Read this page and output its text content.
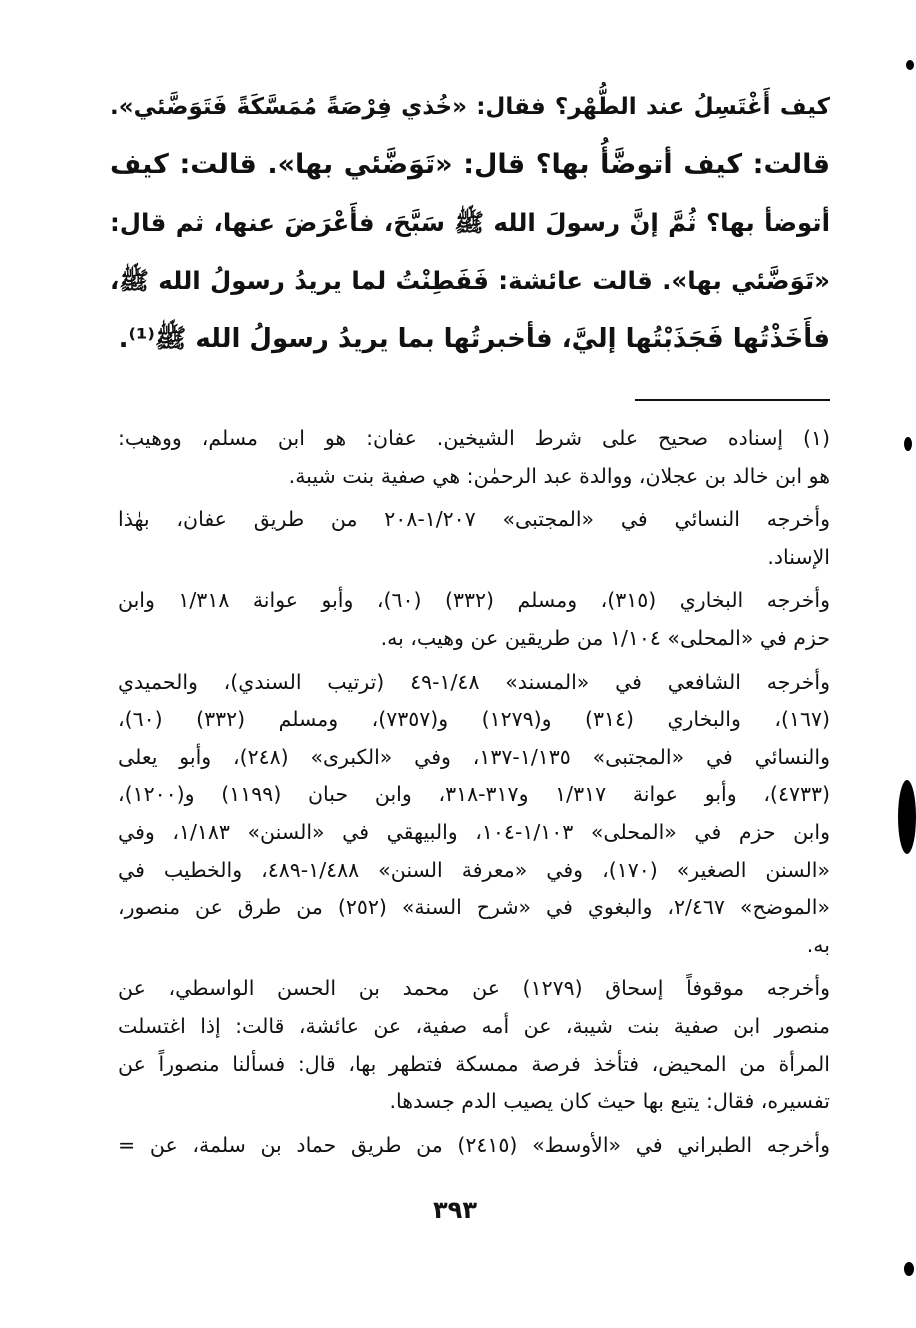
كيف أَغْتَسِلُ عند الطُّهْر؟ فقال: «خُذي فِرْصَةً مُمَسَّكَةً فَتَوَضَّئي».
قالت: كيف أتوضَّأُ بها؟ قال: «تَوَضَّئي بها». قالت: كيف
أتوضأ بها؟ ثُمَّ إنَّ رسولَ الله ﷺ سَبَّحَ، فأَعْرَضَ عنها، ثم قال:
«تَوَضَّئي بها». قالت عائشة: فَفَطِنْتُ لما يريدُ رسولُ الله ﷺ،
فأَخَذْتُها فَجَذَبْتُها إليَّ، فأخبرتُها بما يريدُ رسولُ الله ﷺ⁽¹⁾.
(١) إسناده صحيح على شرط الشيخين. عفان: هو ابن مسلم، ووهيب:
هو ابن خالد بن عجلان، ووالدة عبد الرحمٰن: هي صفية بنت شيبة.
وأخرجه النسائي في «المجتبى» ١/٢٠٧-٢٠٨ من طريق عفان، بهٰذا
الإسناد.
وأخرجه البخاري (٣١٥)، ومسلم (٣٣٢) (٦٠)، وأبو عوانة ١/٣١٨ وابن
حزم في «المحلى» ١/١٠٤ من طريقين عن وهيب، به.
وأخرجه الشافعي في «المسند» ١/٤٨-٤٩ (ترتيب السندي)، والحميدي
(١٦٧)، والبخاري (٣١٤) و(١٢٧٩) و(٧٣٥٧)، ومسلم (٣٣٢) (٦٠)،
والنسائي في «المجتبى» ١/١٣٥-١٣٧، وفي «الكبرى» (٢٤٨)، وأبو يعلى
(٤٧٣٣)، وأبو عوانة ١/٣١٧ و٣١٧-٣١٨، وابن حبان (١١٩٩) و(١٢٠٠)،
وابن حزم في «المحلى» ١/١٠٣-١٠٤، والبيهقي في «السنن» ١/١٨٣، وفي
«السنن الصغير» (١٧٠)، وفي «معرفة السنن» ١/٤٨٨-٤٨٩، والخطيب في
«الموضح» ٢/٤٦٧، والبغوي في «شرح السنة» (٢٥٢) من طرق عن منصور،
به.
وأخرجه موقوفاً إسحاق (١٢٧٩) عن محمد بن الحسن الواسطي، عن
منصور ابن صفية بنت شيبة، عن أمه صفية، عن عائشة، قالت: إذا اغتسلت
المرأة من المحيض، فتأخذ فرصة ممسكة فتطهر بها، قال: فسألنا منصوراً عن
تفسيره، فقال: يتبع بها حيث كان يصيب الدم جسدها.
وأخرجه الطبراني في «الأوسط» (٢٤١٥) من طريق حماد بن سلمة، عن =
٣٩٣
